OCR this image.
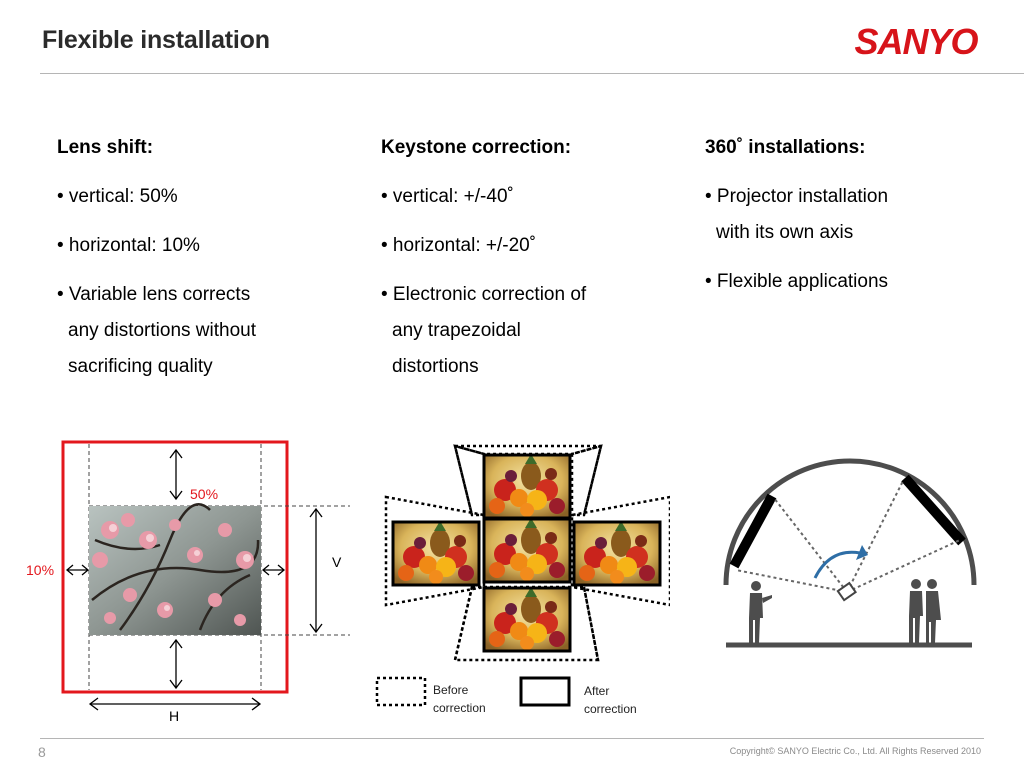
Flexible installation	SANYO
Lens shift:
• vertical: 50%
• horizontal: 10%
• Variable lens corrects
any distortions without
sacrificing quality
Keystone correction:
• vertical: +/-40˚
• horizontal: +/-20˚
• Electronic correction of
any trapezoidal
distortions
360˚ installations:
• Projector installation
with its own axis
• Flexible applications
50%
10%	V
H
Before
correction
After
correction
8	Copyright© SANYO Electric Co., Ltd. All Rights Reserved 2010
